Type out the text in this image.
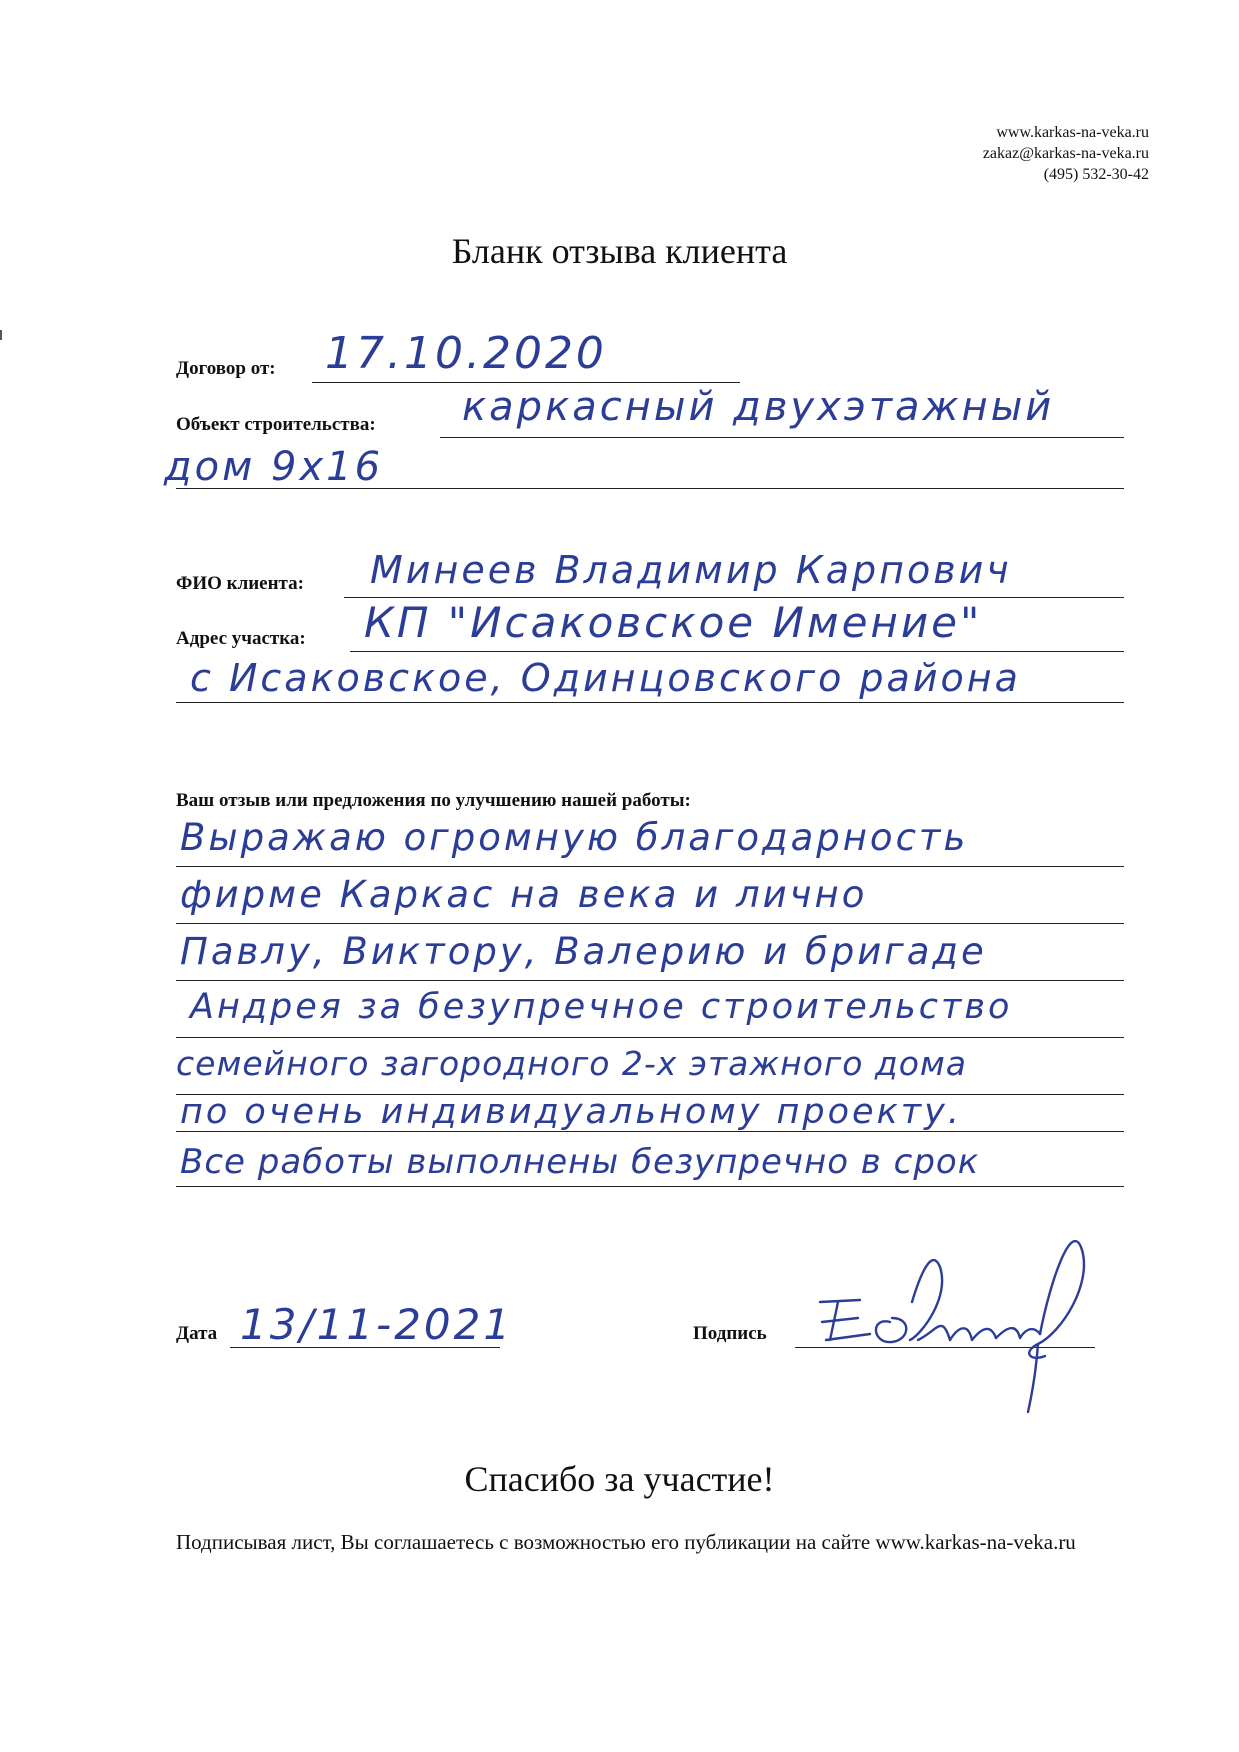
www.karkas-na-veka.ru
zakaz@karkas-na-veka.ru
(495) 532-30-42
Бланк отзыва клиента
Договор от: 17.10.2020
Объект строительства: каркасный двухэтажный
дом 9х16
ФИО клиента: Минеев Владимир Карпович
Адрес участка: КП "Исаковское Имение"
с Исаковское, Одинцовского района
Ваш отзыв или предложения по улучшению нашей работы:
Выражаю огромную благодарность
фирме Каркас на века и лично
Павлу, Виктору, Валерию и бригаде
Андрея за безупречное строительство
семейного загородного 2-х этажного дома
по очень индивидуальному проекту.
Все работы выполнены безупречно в срок
Дата 13/11-2021	Подпись
Спасибо за участие!
Подписывая лист, Вы соглашаетесь с возможностью его публикации на сайте www.karkas-na-veka.ru
